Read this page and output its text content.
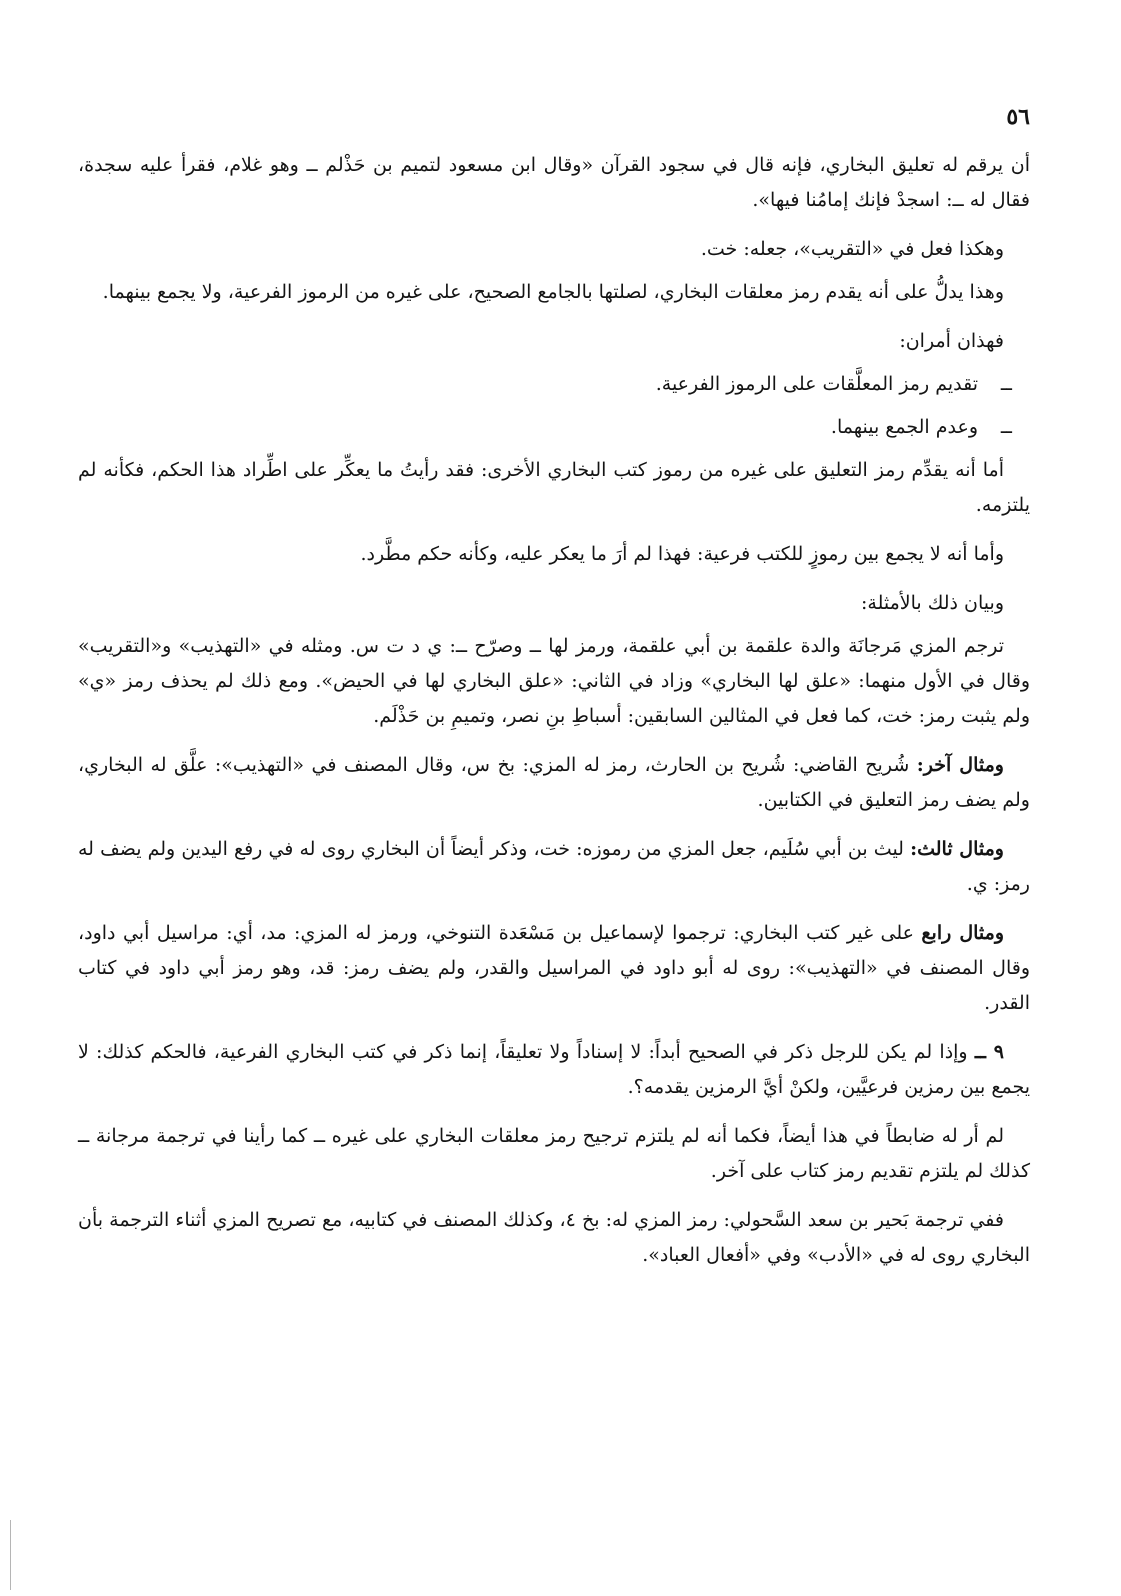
٥٦

أن يرقم له تعليق البخاري، فإنه قال في سجود القرآن «وقال ابن مسعود لتميم بن حَذْلم ــ وهو غلام، فقرأ عليه سجدة، فقال له ــ: اسجدْ فإنك إمامُنا فيها».

وهكذا فعل في «التقريب»، جعله: خت.

وهذا يدلُّ على أنه يقدم رمز معلقات البخاري، لصلتها بالجامع الصحيح، على غيره من الرموز الفرعية، ولا يجمع بينهما.

فهذان أمران:

ــتقديم رمز المعلَّقات على الرموز الفرعية.

ــوعدم الجمع بينهما.

أما أنه يقدِّم رمز التعليق على غيره من رموز كتب البخاري الأخرى: فقد رأيتُ ما يعكِّر على اطِّراد هذا الحكم، فكأنه لم يلتزمه.

وأما أنه لا يجمع بين رموزٍ للكتب فرعية: فهذا لم أرَ ما يعكر عليه، وكأنه حكم مطَّرد.

وبيان ذلك بالأمثلة:

ترجم المزي مَرجانَة والدة علقمة بن أبي علقمة، ورمز لها ــ وصرّح ــ: ي د ت س. ومثله في «التهذيب» و«التقريب» وقال في الأول منهما: «علق لها البخاري» وزاد في الثاني: «علق البخاري لها في الحيض». ومع ذلك لم يحذف رمز «ي» ولم يثبت رمز: خت، كما فعل في المثالين السابقين: أسباطِ بنِ نصر، وتميمِ بن حَذْلَم.

ومثال آخر: شُريح القاضي: شُريح بن الحارث، رمز له المزي: بخ س، وقال المصنف في «التهذيب»: علَّق له البخاري، ولم يضف رمز التعليق في الكتابين.

ومثال ثالث: ليث بن أبي سُلَيم، جعل المزي من رموزه: خت، وذكر أيضاً أن البخاري روى له في رفع اليدين ولم يضف له رمز: ي.

ومثال رابع على غير كتب البخاري: ترجموا لإسماعيل بن مَسْعَدة التنوخي، ورمز له المزي: مد، أي: مراسيل أبي داود، وقال المصنف في «التهذيب»: روى له أبو داود في المراسيل والقدر، ولم يضف رمز: قد، وهو رمز أبي داود في كتاب القدر.

٩ ــ وإذا لم يكن للرجل ذكر في الصحيح أبداً: لا إسناداً ولا تعليقاً، إنما ذكر في كتب البخاري الفرعية، فالحكم كذلك: لا يجمع بين رمزين فرعيَّين، ولكنْ أيَّ الرمزين يقدمه؟.

لم أر له ضابطاً في هذا أيضاً، فكما أنه لم يلتزم ترجيح رمز معلقات البخاري على غيره ــ كما رأينا في ترجمة مرجانة ــ كذلك لم يلتزم تقديم رمز كتاب على آخر.

ففي ترجمة بَحير بن سعد السَّحولي: رمز المزي له: بخ ٤، وكذلك المصنف في كتابيه، مع تصريح المزي أثناء الترجمة بأن البخاري روى له في «الأدب» وفي «أفعال العباد».
